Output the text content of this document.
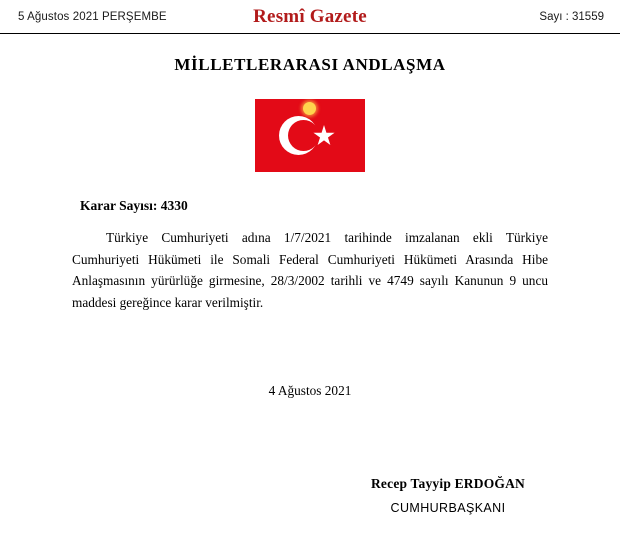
5 Ağustos 2021 PERŞEMBE	Resmî Gazete	Sayı : 31559
MİLLETLERARASI ANDLAŞMA
Karar Sayısı: 4330
Türkiye Cumhuriyeti adına 1/7/2021 tarihinde imzalanan ekli Türkiye Cumhuriyeti Hükümeti ile Somali Federal Cumhuriyeti Hükümeti Arasında Hibe Anlaşmasının yürürlüğe girmesine, 28/3/2002 tarihli ve 4749 sayılı Kanunun 9 uncu maddesi gereğince karar verilmiştir.
4 Ağustos 2021
Recep Tayyip ERDOĞAN
CUMHURBAŞKANI
